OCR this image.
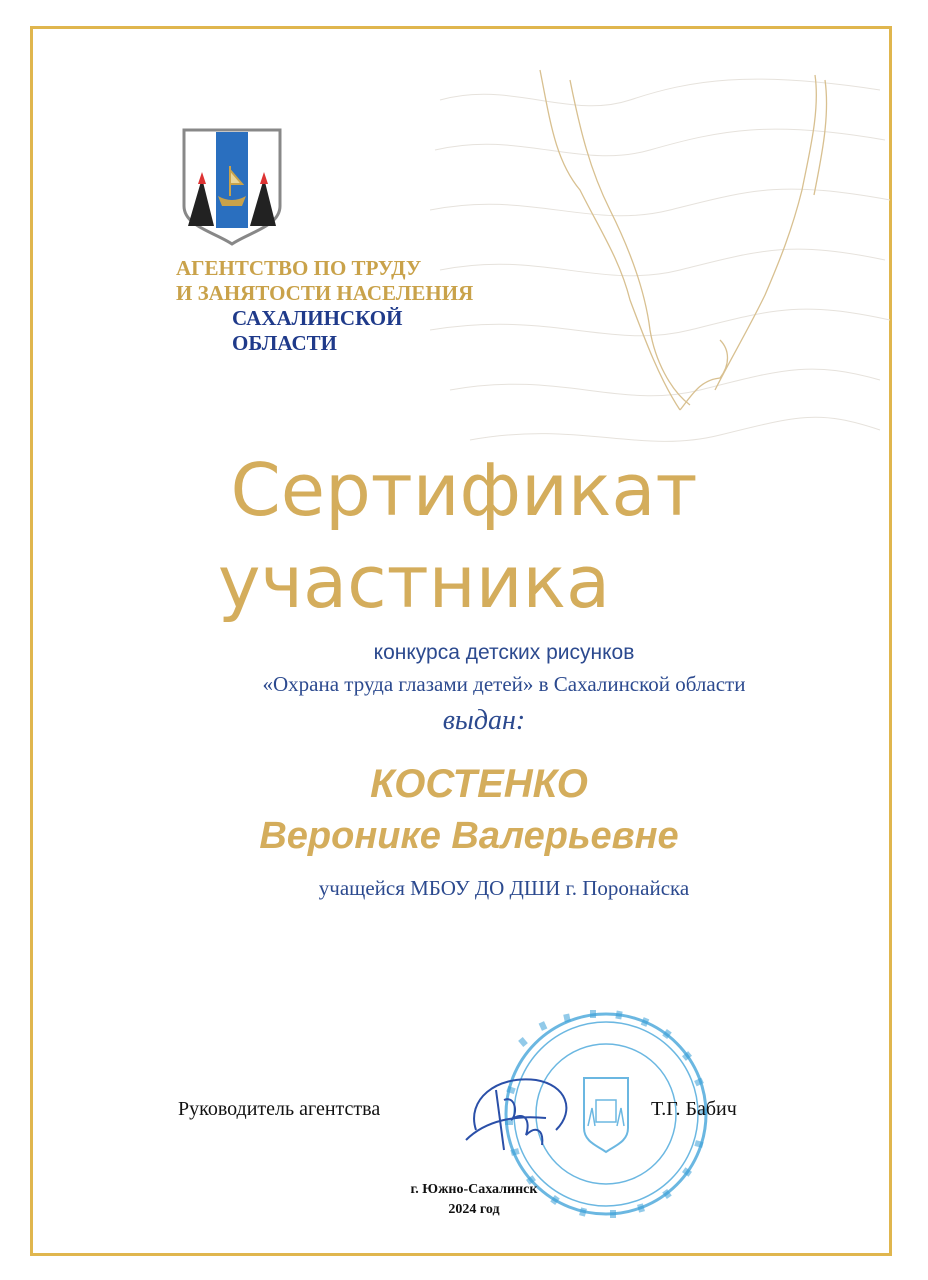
АГЕНТСТВО ПО ТРУДУ
И ЗАНЯТОСТИ НАСЕЛЕНИЯ
САХАЛИНСКОЙ
ОБЛАСТИ
Сертификат
участника
конкурса детских рисунков
«Охрана труда глазами детей» в Сахалинской области
выдан:
КОСТЕНКО
Веронике Валерьевне
учащейся МБОУ ДО ДШИ г. Поронайска
Руководитель агентства	Т.Г. Бабич
г. Южно-Сахалинск
2024 год
